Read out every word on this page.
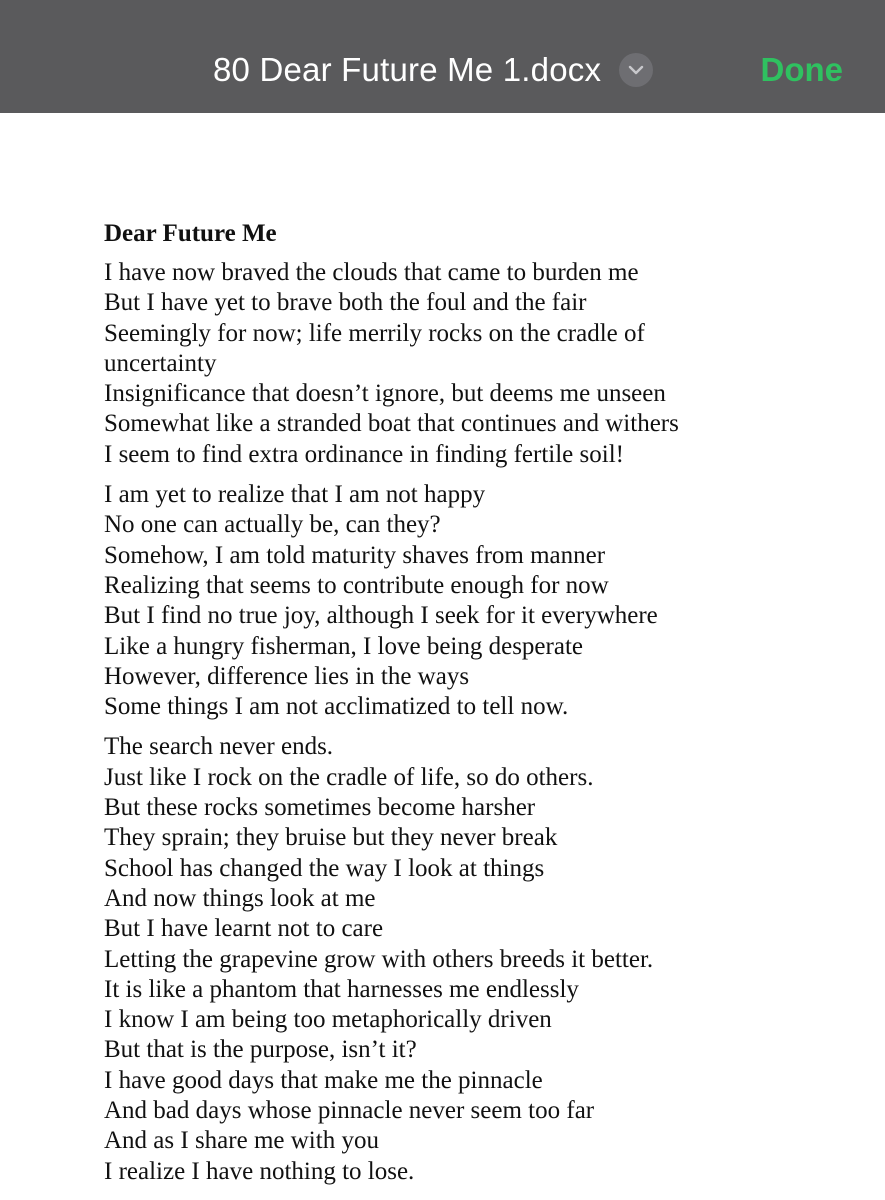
80 Dear Future Me 1.docx	Done
Dear Future Me
I have now braved the clouds that came to burden me
But I have yet to brave both the foul and the fair
Seemingly for now; life merrily rocks on the cradle of
uncertainty
Insignificance that doesn’t ignore, but deems me unseen
Somewhat like a stranded boat that continues and withers
I seem to find extra ordinance in finding fertile soil!
I am yet to realize that I am not happy
No one can actually be, can they?
Somehow, I am told maturity shaves from manner
Realizing that seems to contribute enough for now
But I find no true joy, although I seek for it everywhere
Like a hungry fisherman, I love being desperate
However, difference lies in the ways
Some things I am not acclimatized to tell now.
The search never ends.
Just like I rock on the cradle of life, so do others.
But these rocks sometimes become harsher
They sprain; they bruise but they never break
School has changed the way I look at things
And now things look at me
But I have learnt not to care
Letting the grapevine grow with others breeds it better.
It is like a phantom that harnesses me endlessly
I know I am being too metaphorically driven
But that is the purpose, isn’t it?
I have good days that make me the pinnacle
And bad days whose pinnacle never seem too far
And as I share me with you
I realize I have nothing to lose.
